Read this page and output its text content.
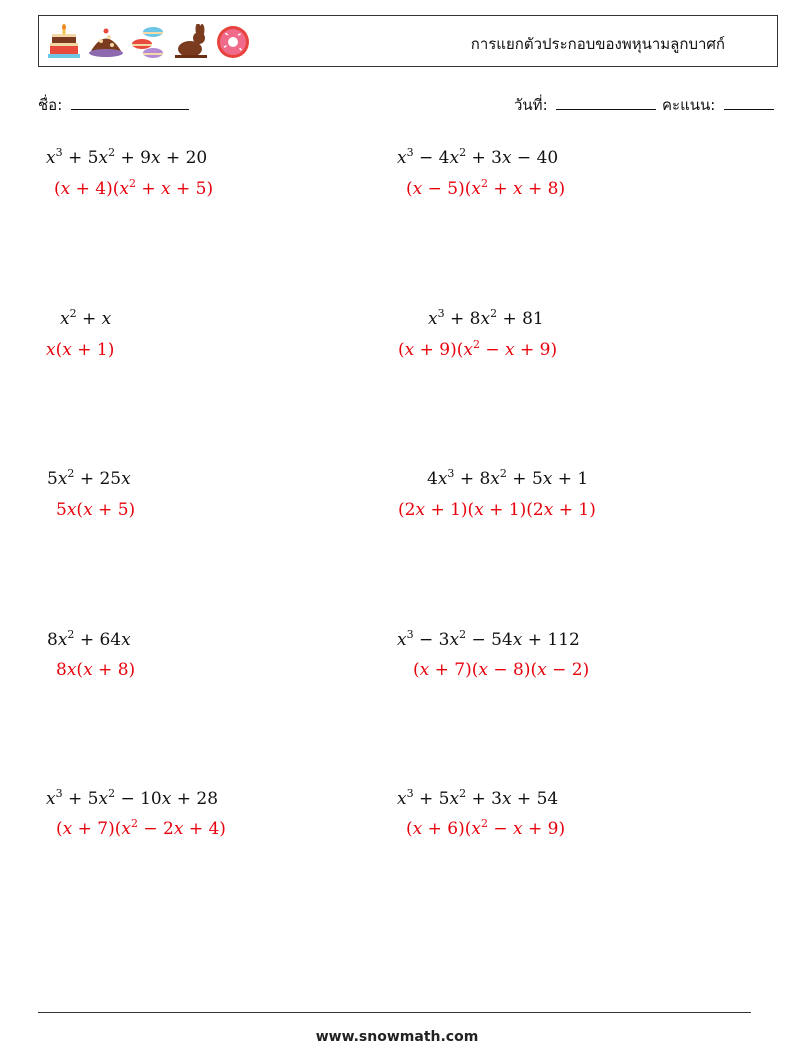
การแยกตัวประกอบของพหุนามลูกบาศก์
ชื่อ:	วันที่:	คะแนน:
$x^3 + 5x^2 + 9x + 20$
$(x + 4)(x^2 + x + 5)$
$x^3 - 4x^2 + 3x - 40$
$(x - 5)(x^2 + x + 8)$
$x^2 + x$
x(x + 1)
$x^3 + 8x^2 + 81$
$(x + 9)(x^2 - x + 9)$
$5x^2 + 25x$
5x(x + 5)
$4x^3 + 8x^2 + 5x + 1$
(2x + 1)(x + 1)(2x + 1)
$8x^2 + 64x$
8x(x + 8)
$x^3 - 3x^2 - 54x + 112$
(x + 7)(x − 8)(x − 2)
$x^3 + 5x^2 - 10x + 28$
$(x + 7)(x^2 - 2x + 4)$
$x^3 + 5x^2 + 3x + 54$
$(x + 6)(x^2 - x + 9)$
www.snowmath.com
